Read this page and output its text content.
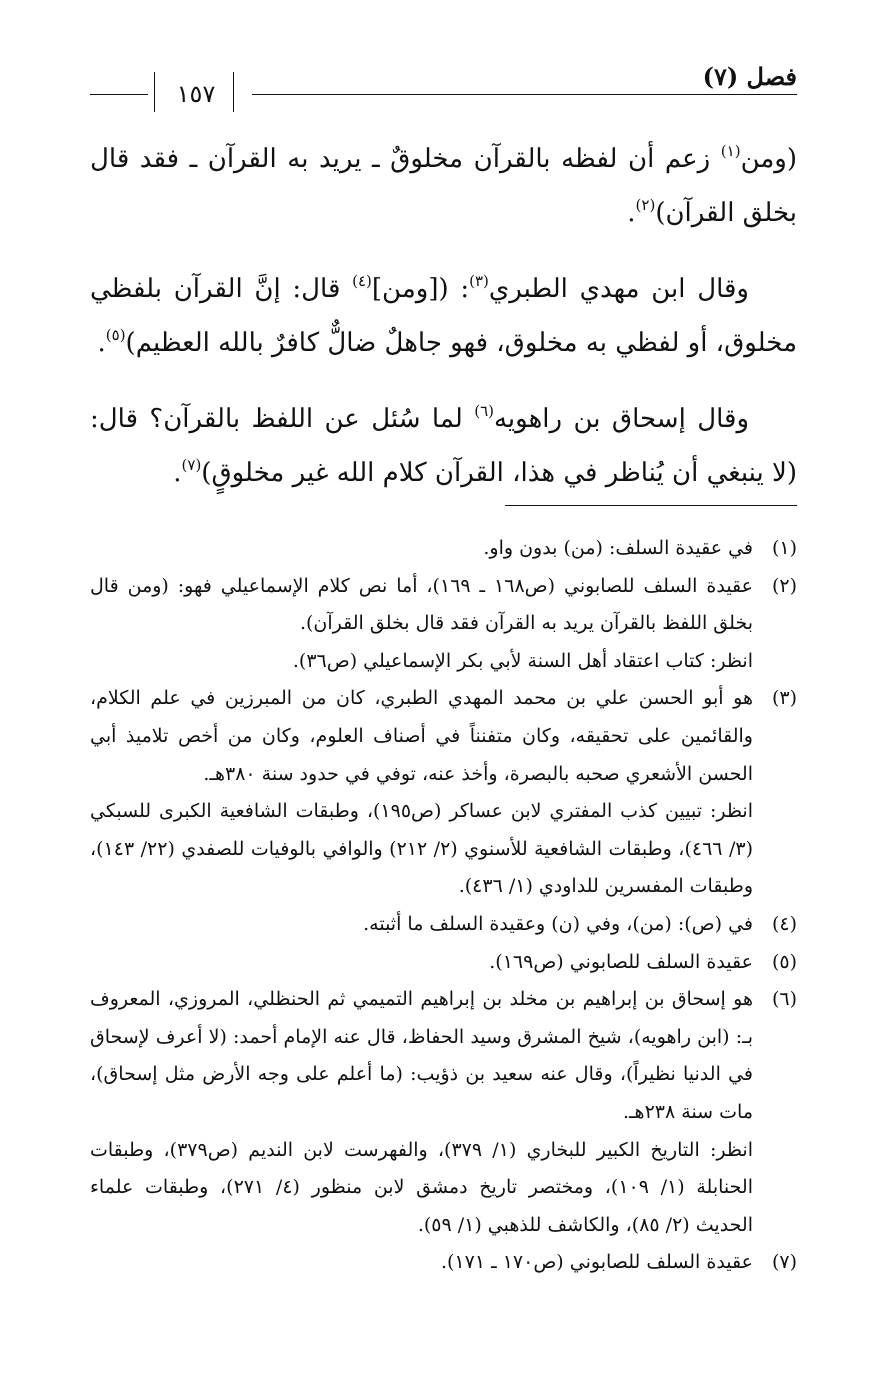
فصل (٧)
١٥٧

(ومن$^{(١)}$ زعم أن لفظه بالقرآن مخلوقٌ ـ يريد به القرآن ـ فقد قال بخلق القرآن)$^{(٢)}$.

وقال ابن مهدي الطبري$^{(٣)}$: ([ومن]$^{(٤)}$ قال: إنَّ القرآن بلفظي مخلوق، أو لفظي به مخلوق، فهو جاهلٌ ضالٌّ كافرٌ بالله العظيم)$^{(٥)}$.

وقال إسحاق بن راهويه$^{(٦)}$ لما سُئل عن اللفظ بالقرآن؟ قال: (لا ينبغي أن يُناظر في هذا، القرآن كلام الله غير مخلوقٍ)$^{(٧)}$.

(١)
في عقيدة السلف: (من) بدون واو.
(٢)
عقيدة السلف للصابوني (ص١٦٨ ـ ١٦٩)، أما نص كلام الإسماعيلي فهو: (ومن قال بخلق اللفظ بالقرآن يريد به القرآن فقد قال بخلق القرآن).
انظر: كتاب اعتقاد أهل السنة لأبي بكر الإسماعيلي (ص٣٦).
(٣)
هو أبو الحسن علي بن محمد المهدي الطبري، كان من المبرزين في علم الكلام، والقائمين على تحقيقه، وكان متفنناً في أصناف العلوم، وكان من أخص تلاميذ أبي الحسن الأشعري صحبه بالبصرة، وأخذ عنه، توفي في حدود سنة ٣٨٠هـ.
انظر: تبيين كذب المفتري لابن عساكر (ص١٩٥)، وطبقات الشافعية الكبرى للسبكي (٣/ ٤٦٦)، وطبقات الشافعية للأسنوي (٢/ ٢١٢) والوافي بالوفيات للصفدي (٢٢/ ١٤٣)، وطبقات المفسرين للداودي (١/ ٤٣٦).
(٤)
في (ص): (من)، وفي (ن) وعقيدة السلف ما أثبته.
(٥)
عقيدة السلف للصابوني (ص١٦٩).
(٦)
هو إسحاق بن إبراهيم بن مخلد بن إبراهيم التميمي ثم الحنظلي، المروزي، المعروف بـ: (ابن راهويه)، شيخ المشرق وسيد الحفاظ، قال عنه الإمام أحمد: (لا أعرف لإسحاق في الدنيا نظيراً)، وقال عنه سعيد بن ذؤيب: (ما أعلم على وجه الأرض مثل إسحاق)، مات سنة ٢٣٨هـ.
انظر: التاريخ الكبير للبخاري (١/ ٣٧٩)، والفهرست لابن النديم (ص٣٧٩)، وطبقات الحنابلة (١/ ١٠٩)، ومختصر تاريخ دمشق لابن منظور (٤/ ٢٧١)، وطبقات علماء الحديث (٢/ ٨٥)، والكاشف للذهبي (١/ ٥٩).
(٧)
عقيدة السلف للصابوني (ص١٧٠ ـ ١٧١).
